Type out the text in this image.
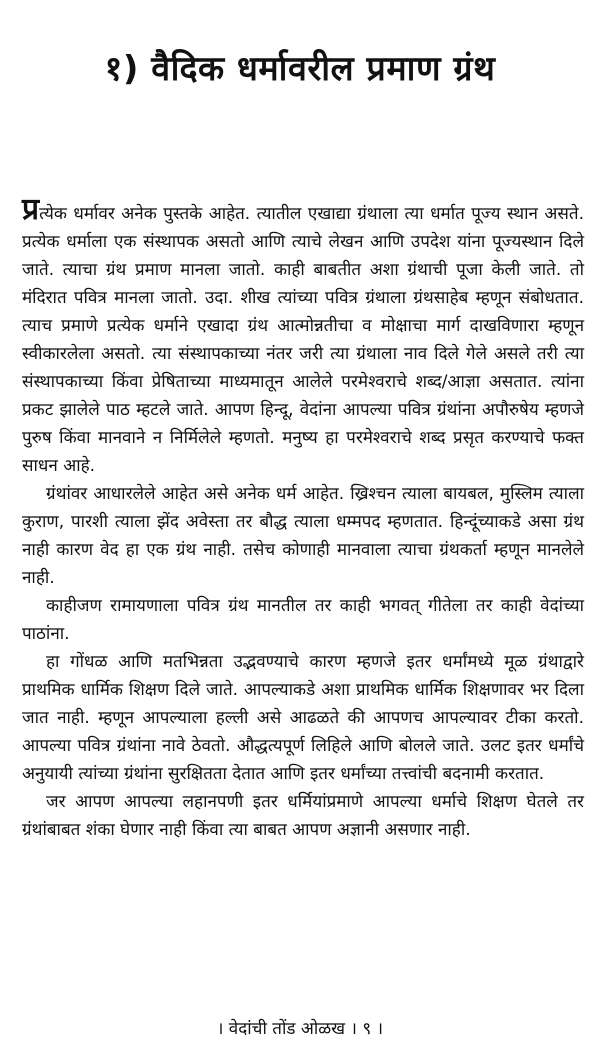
१) वैदिक धर्मावरील प्रमाण ग्रंथ

प्रत्येक धर्मावर अनेक पुस्तके आहेत. त्यातील एखाद्या ग्रंथाला त्या धर्मात पूज्य स्थान असते. प्रत्येक धर्माला एक संस्थापक असतो आणि त्याचे लेखन आणि उपदेश यांना पूज्यस्थान दिले जाते. त्याचा ग्रंथ प्रमाण मानला जातो. काही बाबतीत अशा ग्रंथाची पूजा केली जाते. तो मंदिरात पवित्र मानला जातो. उदा. शीख त्यांच्या पवित्र ग्रंथाला ग्रंथसाहेब म्हणून संबोधतात. त्याच प्रमाणे प्रत्येक धर्माने एखादा ग्रंथ आत्मोन्नतीचा व मोक्षाचा मार्ग दाखविणारा म्हणून स्वीकारलेला असतो. त्या संस्थापकाच्या नंतर जरी त्या ग्रंथाला नाव दिले गेले असले तरी त्या संस्थापकाच्या किंवा प्रेषिताच्या माध्यमातून आलेले परमेश्वराचे शब्द/आज्ञा असतात. त्यांना प्रकट झालेले पाठ म्हटले जाते. आपण हिन्दू, वेदांना आपल्या पवित्र ग्रंथांना अपौरुषेय म्हणजे पुरुष किंवा मानवाने न निर्मिलेले म्हणतो. मनुष्य हा परमेश्वराचे शब्द प्रसृत करण्याचे फक्त साधन आहे.

ग्रंथांवर आधारलेले आहेत असे अनेक धर्म आहेत. ख्रिश्चन त्याला बायबल, मुस्लिम त्याला कुराण, पारशी त्याला झेंद अवेस्ता तर बौद्ध त्याला धम्मपद म्हणतात. हिन्दूंच्याकडे असा ग्रंथ नाही कारण वेद हा एक ग्रंथ नाही. तसेच कोणाही मानवाला त्याचा ग्रंथकर्ता म्हणून मानलेले नाही.

काहीजण रामायणाला पवित्र ग्रंथ मानतील तर काही भगवत् गीतेला तर काही वेदांच्या पाठांना.

हा गोंधळ आणि मतभिन्नता उद्भवण्याचे कारण म्हणजे इतर धर्मांमध्ये मूळ ग्रंथाद्वारे प्राथमिक धार्मिक शिक्षण दिले जाते. आपल्याकडे अशा प्राथमिक धार्मिक शिक्षणावर भर दिला जात नाही. म्हणून आपल्याला हल्ली असे आढळते की आपणच आपल्यावर टीका करतो. आपल्या पवित्र ग्रंथांना नावे ठेवतो. औद्धत्यपूर्ण लिहिले आणि बोलले जाते. उलट इतर धर्मांचे अनुयायी त्यांच्या ग्रंथांना सुरक्षितता देतात आणि इतर धर्मांच्या तत्त्वांची बदनामी करतात.

जर आपण आपल्या लहानपणी इतर धर्मियांप्रमाणे आपल्या धर्माचे शिक्षण घेतले तर ग्रंथांबाबत शंका घेणार नाही किंवा त्या बाबत आपण अज्ञानी असणार नाही.

। वेदांची तोंड ओळख । ९ ।
